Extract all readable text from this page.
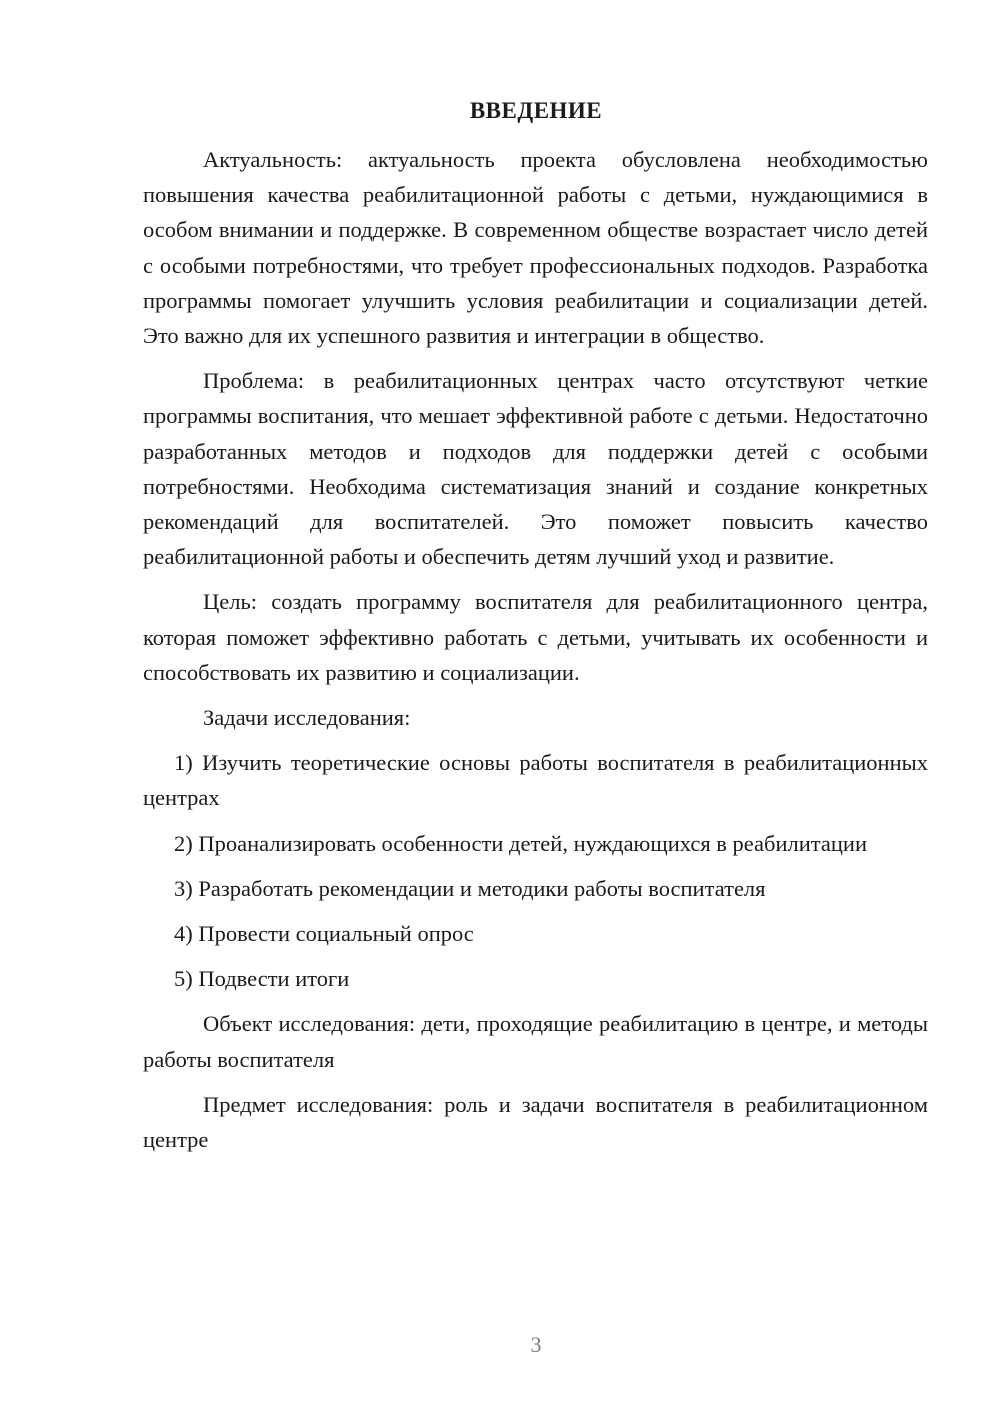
ВВЕДЕНИЕ

Актуальность: актуальность проекта обусловлена необходимостью повышения качества реабилитационной работы с детьми, нуждающимися в особом внимании и поддержке. В современном обществе возрастает число детей с особыми потребностями, что требует профессиональных подходов. Разработка программы помогает улучшить условия реабилитации и социализации детей. Это важно для их успешного развития и интеграции в общество.

Проблема: в реабилитационных центрах часто отсутствуют четкие программы воспитания, что мешает эффективной работе с детьми. Недостаточно разработанных методов и подходов для поддержки детей с особыми потребностями. Необходима систематизация знаний и создание конкретных рекомендаций для воспитателей. Это поможет повысить качество реабилитационной работы и обеспечить детям лучший уход и развитие.

Цель: создать программу воспитателя для реабилитационного центра, которая поможет эффективно работать с детьми, учитывать их особенности и способствовать их развитию и социализации.

Задачи исследования:

1) Изучить теоретические основы работы воспитателя в реабилитационных центрах

2) Проанализировать особенности детей, нуждающихся в реабилитации

3) Разработать рекомендации и методики работы воспитателя

4) Провести социальный опрос

5) Подвести итоги

Объект исследования: дети, проходящие реабилитацию в центре, и методы работы воспитателя

Предмет исследования: роль и задачи воспитателя в реабилитационном центре

3
